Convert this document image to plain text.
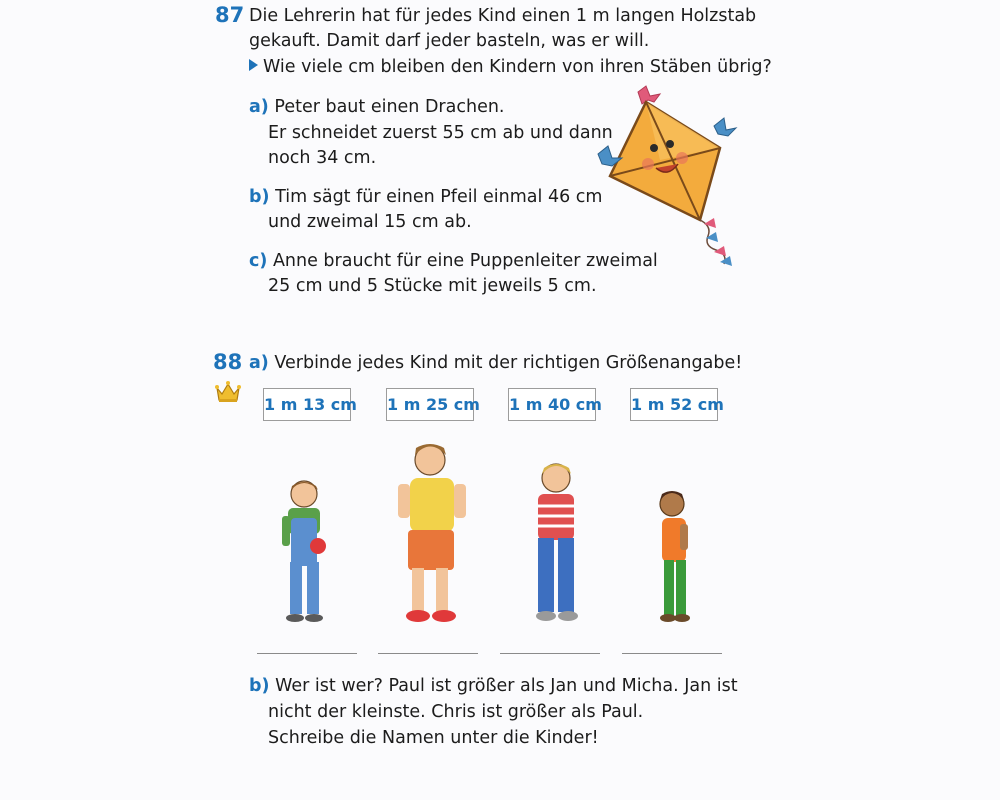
87 Die Lehrerin hat für jedes Kind einen 1 m langen Holzstab
gekauft. Damit darf jeder basteln, was er will.
Wie viele cm bleiben den Kindern von ihren Stäben übrig?
a) Peter baut einen Drachen.
Er schneidet zuerst 55 cm ab und dann
noch 34 cm.
b) Tim sägt für einen Pfeil einmal 46 cm
und zweimal 15 cm ab.
c) Anne braucht für eine Puppenleiter zweimal
25 cm und 5 Stücke mit jeweils 5 cm.
88 a) Verbinde jedes Kind mit der richtigen Größenangabe!
1 m 13 cm 1 m 25 cm 1 m 40 cm 1 m 52 cm
b) Wer ist wer? Paul ist größer als Jan und Micha. Jan ist
nicht der kleinste. Chris ist größer als Paul.
Schreibe die Namen unter die Kinder!
